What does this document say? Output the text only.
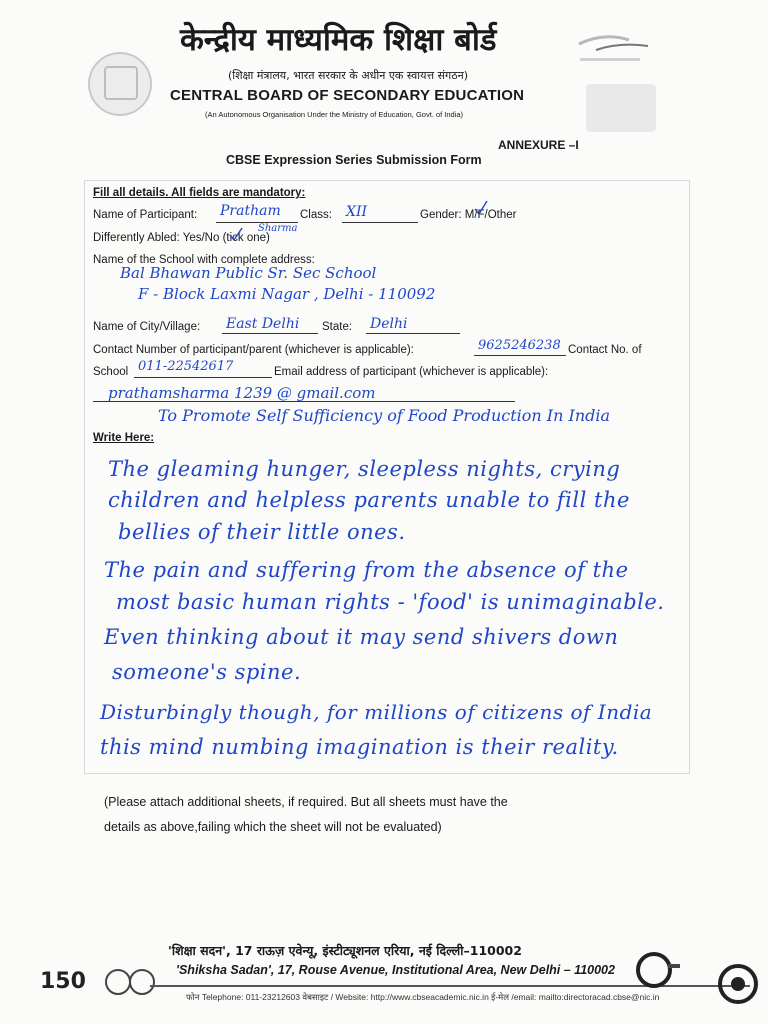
केन्द्रीय माध्यमिक शिक्षा बोर्ड
(शिक्षा मंत्रालय, भारत सरकार के अधीन एक स्वायत्त संगठन)
CENTRAL BOARD OF SECONDARY EDUCATION
(An Autonomous Organisation Under the Ministry of Education, Govt. of India)
ANNEXURE –I
CBSE Expression Series Submission Form
Fill all details. All fields are mandatory:
Name of Participant: Pratham
Sharma
Class: XII	Gender: M/F/Other
Differently Abled: Yes/No (tick one)
Name of the School with complete address:
Bal Bhawan Public Sr. Sec School
F - Block Laxmi Nagar , Delhi - 110092
Name of City/Village: East Delhi State: Delhi
Contact Number of participant/parent (whichever is applicable):	9625246238 Contact No. of
School 011-22542617	Email address of participant (whichever is applicable):
prathamsharma 1239 @ gmail.com
To Promote Self Sufficiency of Food Production In India
Write Here:
The gleaming hunger, sleepless nights, crying
children and helpless parents unable to fill the
bellies of their little ones.
The pain and suffering from the absence of the
most basic human rights - 'food' is unimaginable.
Even thinking about it may send shivers down
someone's spine.
Disturbingly though, for millions of citizens of India
this mind numbing imagination is their reality.
(Please attach additional sheets, if required. But all sheets must have the
details as above,failing which the sheet will not be evaluated)
150
'शिक्षा सदन', 17 राऊज़ एवेन्यू, इंस्टीट्यूशनल एरिया, नई दिल्ली–110002
'Shiksha Sadan', 17, Rouse Avenue, Institutional Area, New Delhi – 110002
फोन Telephone: 011-23212603 वेबसाइट / Website: http://www.cbseacademic.nic.in ई-मेल /email: mailto:directoracad.cbse@nic.in
